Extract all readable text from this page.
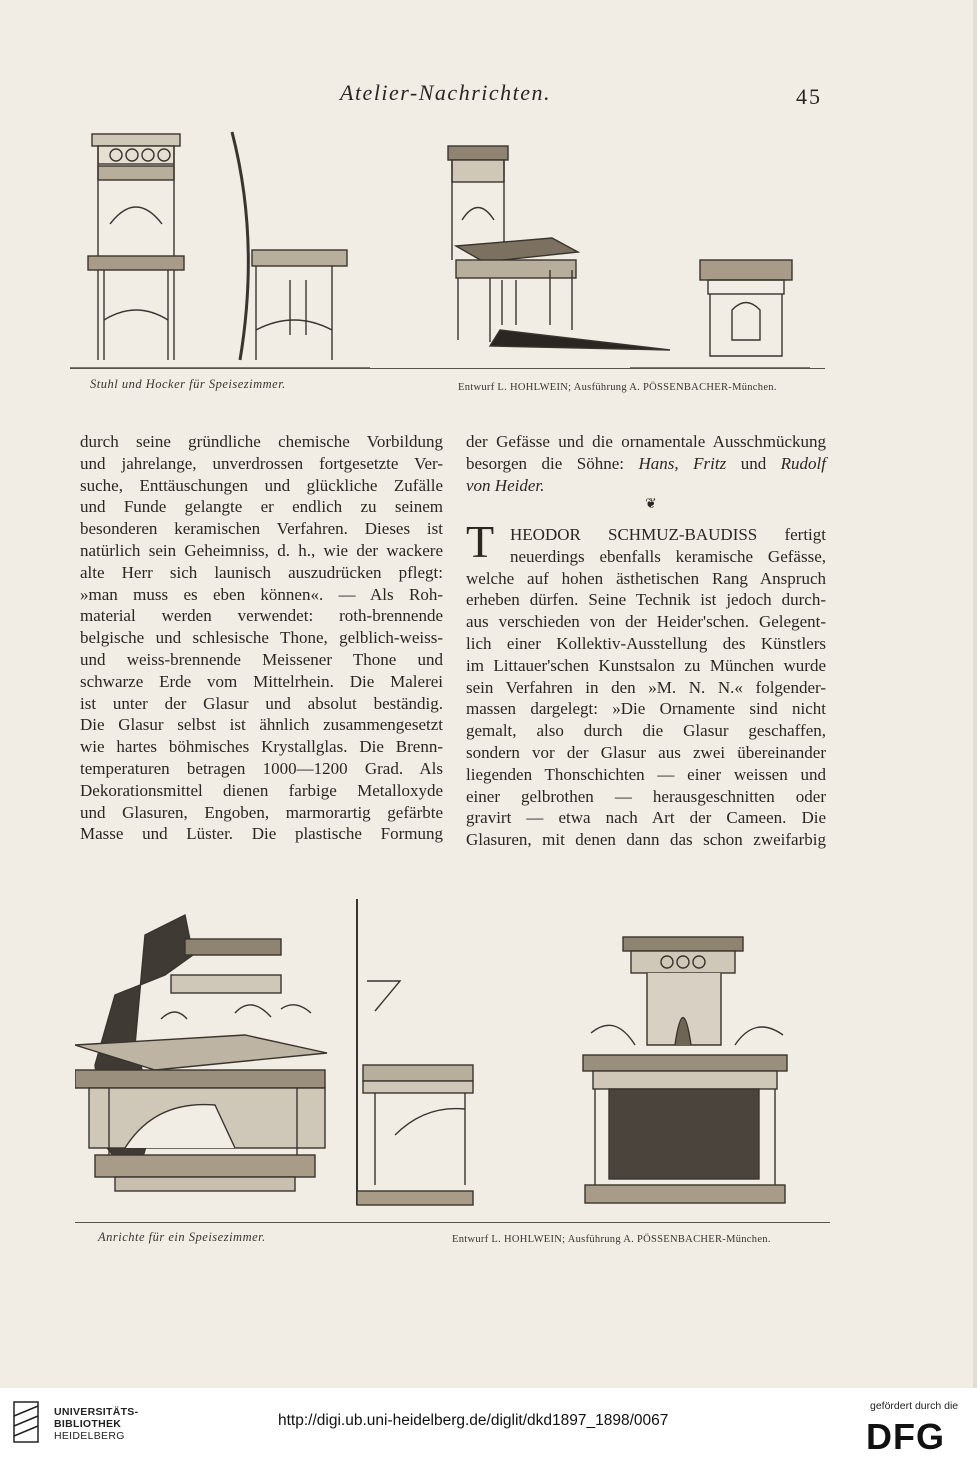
Atelier-Nachrichten.	45
Stuhl und Hocker für Speisezimmer.	Entwurf L. HOHLWEIN; Ausführung A. PÖSSENBACHER-München.
durch seine gründliche chemische Vorbildung
und jahrelange, unverdrossen fortgesetzte Ver-
suche, Enttäuschungen und glückliche Zufälle
und Funde gelangte er endlich zu seinem
besonderen keramischen Verfahren. Dieses ist
natürlich sein Geheimniss, d. h., wie der wackere
alte Herr sich launisch auszudrücken pflegt:
»man muss es eben können«. — Als Roh-
material werden verwendet: roth-brennende
belgische und schlesische Thone, gelblich-weiss-
und weiss-brennende Meissener Thone und
schwarze Erde vom Mittelrhein. Die Malerei
ist unter der Glasur und absolut beständig.
Die Glasur selbst ist ähnlich zusammengesetzt
wie hartes böhmisches Krystallglas. Die Brenn-
temperaturen betragen 1000—1200 Grad. Als
Dekorationsmittel dienen farbige Metalloxyde
und Glasuren, Engoben, marmorartig gefärbte
Masse und Lüster. Die plastische Formung
der Gefässe und die ornamentale Ausschmückung
besorgen die Söhne: Hans, Fritz und Rudolf
von Heider.
❦
T HEODOR SCHMUZ-BAUDISS fertigt
neuerdings ebenfalls keramische Gefässe,
welche auf hohen ästhetischen Rang Anspruch
erheben dürfen. Seine Technik ist jedoch durch-
aus verschieden von der Heider'schen. Gelegent-
lich einer Kollektiv-Ausstellung des Künstlers
im Littauer'schen Kunstsalon zu München wurde
sein Verfahren in den »M. N. N.« folgender-
massen dargelegt: »Die Ornamente sind nicht
gemalt, also durch die Glasur geschaffen,
sondern vor der Glasur aus zwei übereinander
liegenden Thonschichten — einer weissen und
einer gelbrothen — herausgeschnitten oder
gravirt — etwa nach Art der Cameen. Die
Glasuren, mit denen dann das schon zweifarbig
Anrichte für ein Speisezimmer.	Entwurf L. HOHLWEIN; Ausführung A. PÖSSENBACHER-München.
UNIVERSITÄTS-
BIBLIOTHEK
HEIDELBERG
http://digi.ub.uni-heidelberg.de/diglit/dkd1897_1898/0067
gefördert durch die
DFG
